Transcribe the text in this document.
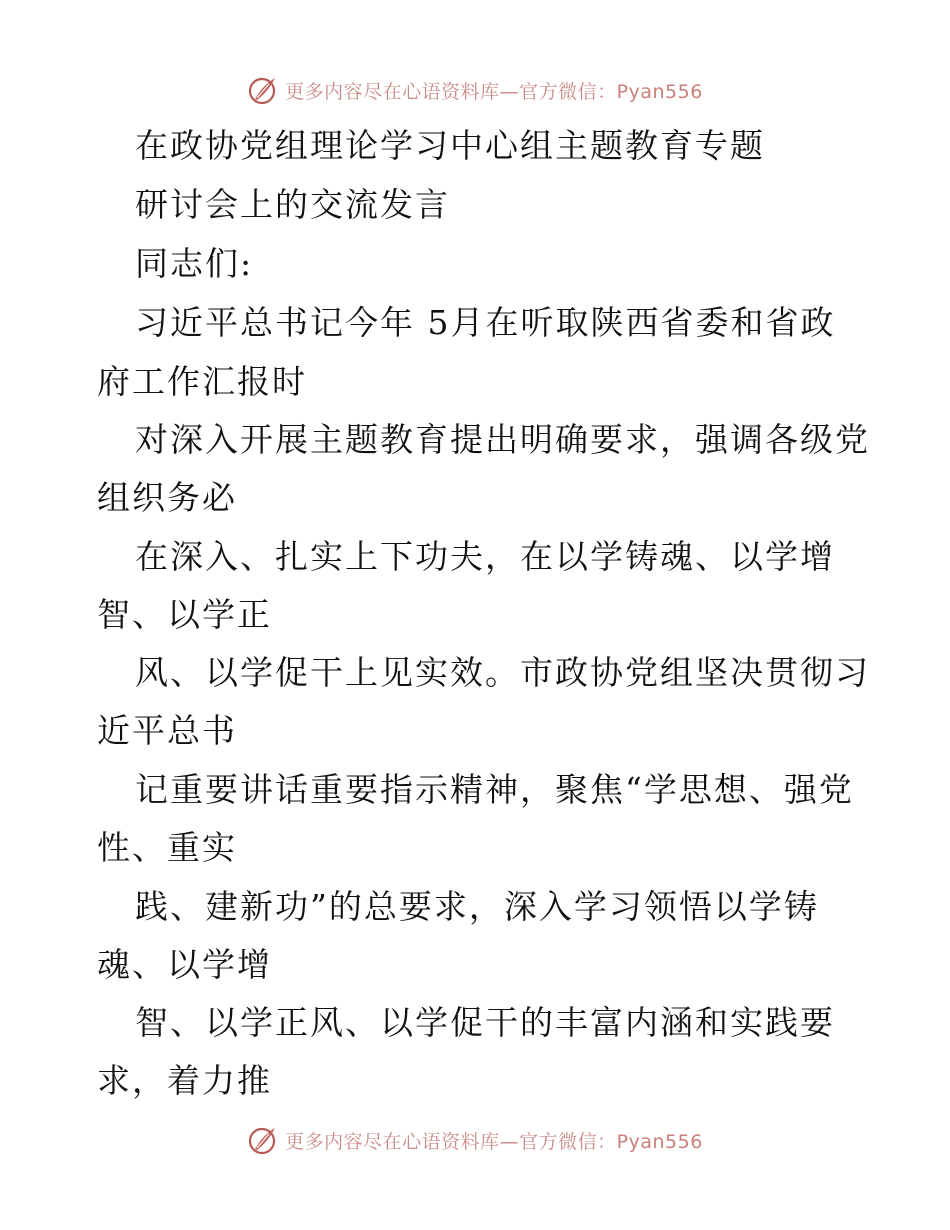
更多内容尽在心语资料库—官方微信：Pyan556
在政协党组理论学习中心组主题教育专题
研讨会上的交流发言
同志们:
习近平总书记今年 5月在听取陕西省委和省政
府工作汇报时
对深入开展主题教育提出明确要求，强调各级党
组织务必
在深入、扎实上下功夫，在以学铸魂、以学增
智、以学正
风、以学促干上见实效。市政协党组坚决贯彻习
近平总书
记重要讲话重要指示精神，聚焦“学思想、强党
性、重实
践、建新功”的总要求，深入学习领悟以学铸
魂、以学增
智、以学正风、以学促干的丰富内涵和实践要
求，着力推
更多内容尽在心语资料库—官方微信：Pyan556
